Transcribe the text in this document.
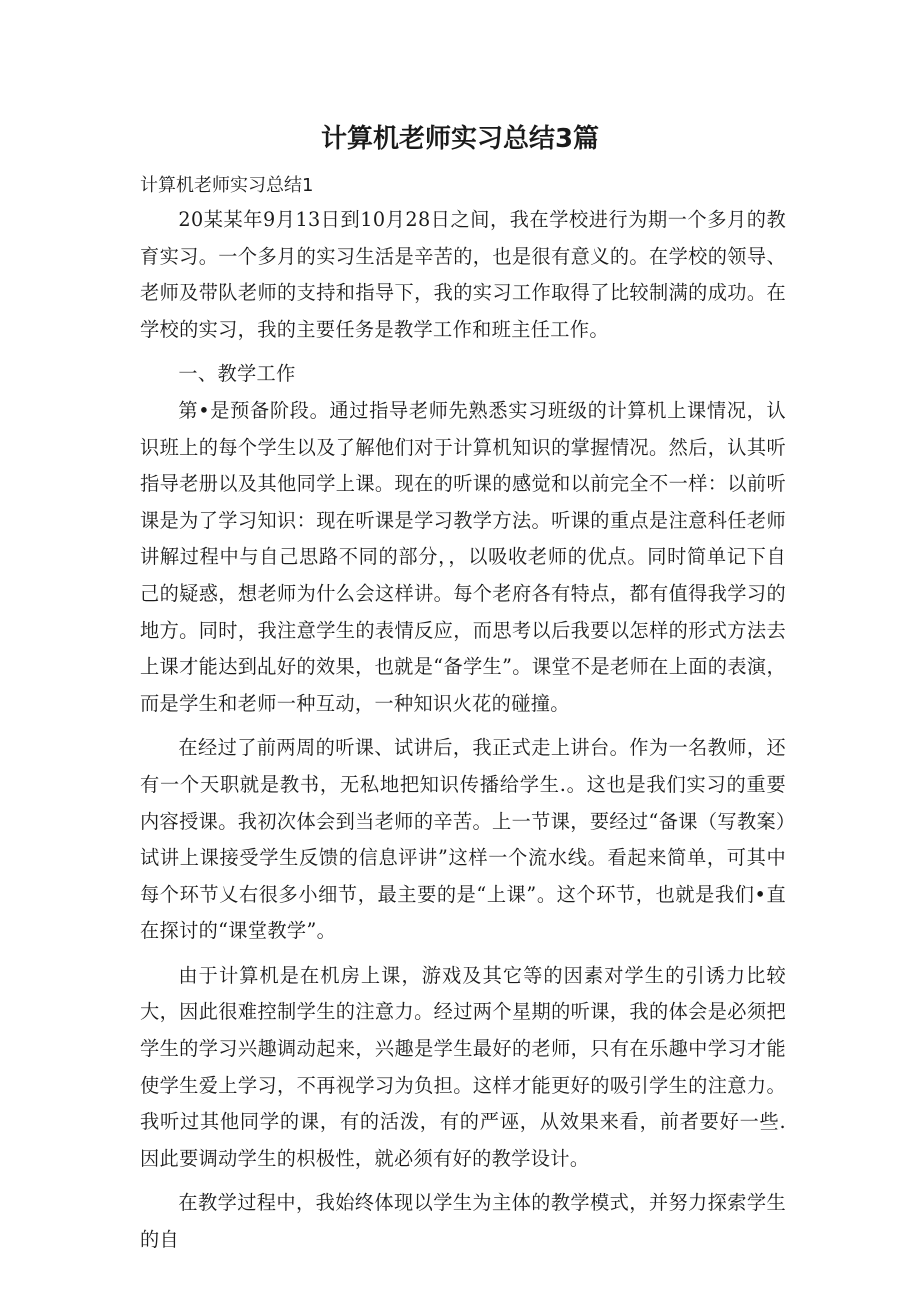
计算机老师实习总结3篇
计算机老师实习总结1

20某某年9月13日到10月28日之间，我在学校进行为期一个多月的教育实习。一个多月的实习生活是辛苦的，也是很有意义的。在学校的领导、老师及带队老师的支持和指导下，我的实习工作取得了比较制满的成功。在学校的实习，我的主要任务是教学工作和班主任工作。

一、教学工作

第•是预备阶段。通过指导老师先熟悉实习班级的计算机上课情况，认识班上的每个学生以及了解他们对于计算机知识的掌握情况。然后，认其听指导老册以及其他同学上课。现在的听课的感觉和以前完全不一样：以前听课是为了学习知识：现在听课是学习教学方法。听课的重点是注意科任老师讲解过程中与自己思路不同的部分，，以吸收老师的优点。同时简单记下自己的疑惑，想老师为什么会这样讲。每个老府各有特点，都有值得我学习的地方。同时，我注意学生的表情反应，而思考以后我要以怎样的形式方法去上课才能达到乩好的效果，也就是“备学生”。课堂不是老师在上面的表演，而是学生和老师一种互动，一种知识火花的碰撞。

在经过了前两周的听课、试讲后，我正式走上讲台。作为一名教师，还有一个天职就是教书，无私地把知识传播给学生.。这也是我们实习的重要内容授课。我初次体会到当老师的辛苦。上一节课，要经过“备课（写教案）试讲上课接受学生反馈的信息评讲”这样一个流水线。看起来简单，可其中每个环节乂右很多小细节，最主要的是“上课”。这个环节，也就是我们•直在探讨的“课堂教学”。

由于计算机是在机房上课，游戏及其它等的因素对学生的引诱力比较大，因此很难控制学生的注意力。经过两个星期的听课，我的体会是必须把学生的学习兴趣调动起来，兴趣是学生最好的老师，只有在乐趣中学习才能使学生爱上学习，不再视学习为负担。这样才能更好的吸引学生的注意力。我听过其他同学的课，有的活泼，有的严诬，从效果来看，前者要好一些.因此要调动学生的枳极性，就必须有好的教学设计。

在教学过程中，我始终体现以学生为主体的教学模式，并努力探索学生的自
